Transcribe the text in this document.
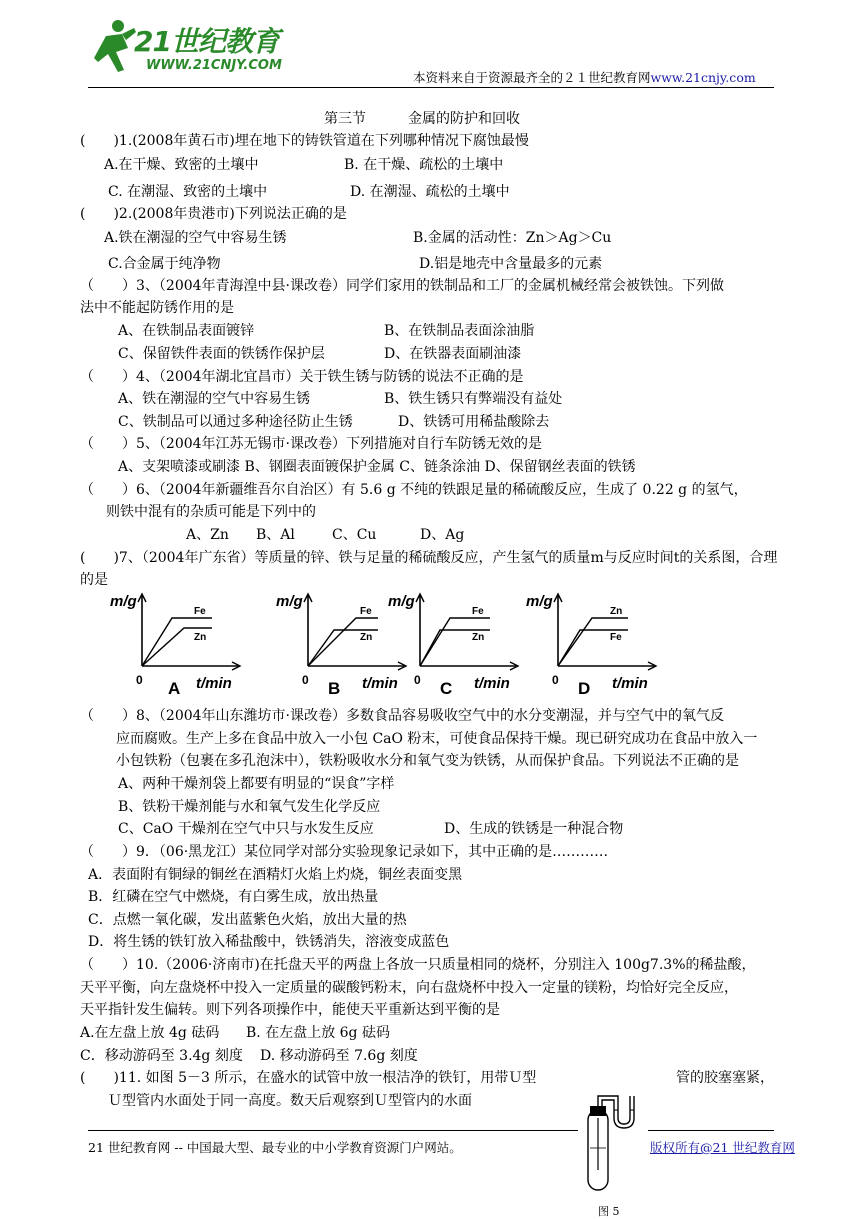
21世纪教育
WWW.21CNJY.COM
本资料来自于资源最齐全的２１世纪教育网www.21cnjy.com
第三节　　　金属的防护和回收
(　　)1.(2008年黄石市)埋在地下的铸铁管道在下列哪种情况下腐蚀最慢
A.在干燥、致密的土壤中	B. 在干燥、疏松的土壤中
C. 在潮湿、致密的土壤中	D. 在潮湿、疏松的土壤中
(　　)2.(2008年贵港市)下列说法正确的是
A.铁在潮湿的空气中容易生锈	B.金属的活动性：Zn＞Ag＞Cu
C.合金属于纯净物	D.铝是地壳中含量最多的元素
（　　）3、（2004年青海湟中县·课改卷）同学们家用的铁制品和工厂的金属机械经常会被铁蚀。下列做
法中不能起防锈作用的是
A、在铁制品表面镀锌	B、在铁制品表面涂油脂
C、保留铁件表面的铁锈作保护层	D、在铁器表面刷油漆
（　　）4、（2004年湖北宜昌市）关于铁生锈与防锈的说法不正确的是
A、铁在潮湿的空气中容易生锈	B、铁生锈只有弊端没有益处
C、铁制品可以通过多种途径防止生锈	D、铁锈可用稀盐酸除去
（　　）5、（2004年江苏无锡市·课改卷）下列措施对自行车防锈无效的是
A、支架喷漆或刷漆 B、钢圈表面镀保护金属 C、链条涂油 D、保留钢丝表面的铁锈
（　　）6、（2004年新疆维吾尔自治区）有 5.6 g 不纯的铁跟足量的稀硫酸反应，生成了 0.22 g 的氢气，
则铁中混有的杂质可能是下列中的
A、Zn B、Al	C、Cu	D、Ag
(　　)7、（2004年广东省）等质量的锌、铁与足量的稀硫酸反应，产生氢气的质量m与反应时间t的关系图，合理
的是
m/g
Fe
Zn
0	t/min
A
m/g
Fe
Zn
0	t/min
B
m/g
Fe
Zn
0	t/min
C
m/g
Zn
Fe
0	t/min
D
（　　）8、（2004年山东潍坊市·课改卷）多数食品容易吸收空气中的水分变潮湿，并与空气中的氧气反
应而腐败。生产上多在食品中放入一小包 CaO 粉末，可使食品保持干燥。现已研究成功在食品中放入一
小包铁粉（包裹在多孔泡沫中），铁粉吸收水分和氧气变为铁锈，从而保护食品。下列说法不正确的是
A、两种干燥剂袋上都要有明显的“误食”字样
B、铁粉干燥剂能与水和氧气发生化学反应
C、CaO 干燥剂在空气中只与水发生反应	D、生成的铁锈是一种混合物
（　　）9．（06·黑龙江）某位同学对部分实验现象记录如下，其中正确的是…………
A．表面附有铜绿的铜丝在酒精灯火焰上灼烧，铜丝表面变黑
B．红磷在空气中燃烧，有白雾生成，放出热量
C．点燃一氧化碳，发出蓝紫色火焰，放出大量的热
D．将生锈的铁钉放入稀盐酸中，铁锈消失，溶液变成蓝色
（　　）10.（2006·济南市)在托盘天平的两盘上各放一只质量相同的烧杯，分别注入 100g7.3%的稀盐酸，
天平平衡，向左盘烧杯中投入一定质量的碳酸钙粉末，向右盘烧杯中投入一定量的镁粉，均恰好完全反应，
天平指针发生偏转。则下列各项操作中，能使天平重新达到平衡的是
A.在左盘上放 4g 砝码 B. 在左盘上放 6g 砝码
C．移动游码至 3.4g 刻度 D. 移动游码至 7.6g 刻度
(　　)11. 如图 5－3 所示，在盛水的试管中放一根洁净的铁钉，用带Ｕ型	管的胶塞塞紧，
Ｕ型管内水面处于同一高度。数天后观察到Ｕ型管内的水面
图 5
21 世纪教育网 -- 中国最大型、最专业的中小学教育资源门户网站。	版权所有@21 世纪教育网
